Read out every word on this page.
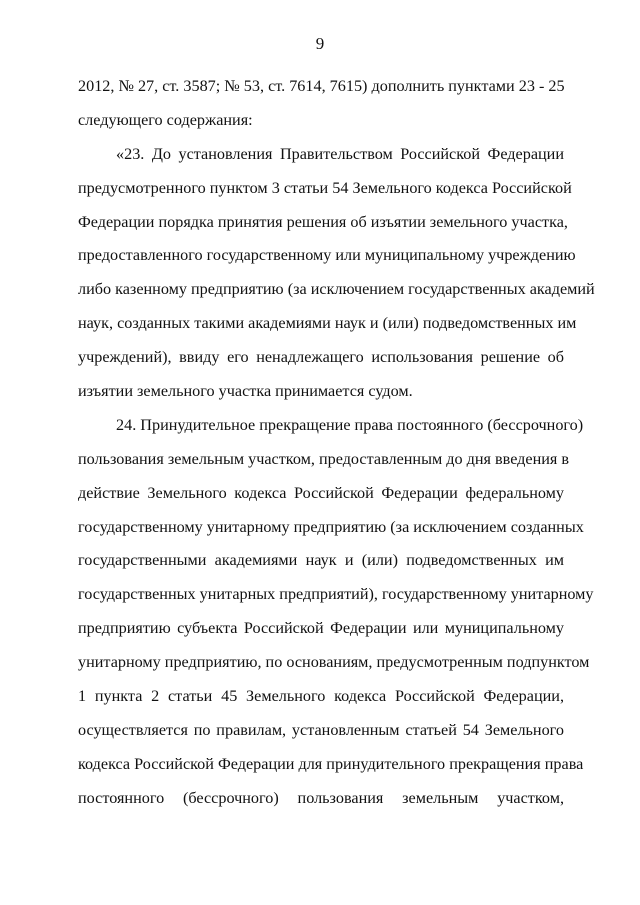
9
2012, № 27, ст. 3587; № 53, ст. 7614, 7615) дополнить пунктами 23 - 25
следующего содержания:
«23. До установления Правительством Российской Федерации
предусмотренного пунктом 3 статьи 54 Земельного кодекса Российской
Федерации порядка принятия решения об изъятии земельного участка,
предоставленного государственному или муниципальному учреждению
либо казенному предприятию (за исключением государственных академий
наук, созданных такими академиями наук и (или) подведомственных им
учреждений), ввиду его ненадлежащего использования решение об
изъятии земельного участка принимается судом.
24. Принудительное прекращение права постоянного (бессрочного)
пользования земельным участком, предоставленным до дня введения в
действие Земельного кодекса Российской Федерации федеральному
государственному унитарному предприятию (за исключением созданных
государственными академиями наук и (или) подведомственных им
государственных унитарных предприятий), государственному унитарному
предприятию субъекта Российской Федерации или муниципальному
унитарному предприятию, по основаниям, предусмотренным подпунктом
1 пункта 2 статьи 45 Земельного кодекса Российской Федерации,
осуществляется по правилам, установленным статьей 54 Земельного
кодекса Российской Федерации для принудительного прекращения права
постоянного (бессрочного) пользования земельным участком,
